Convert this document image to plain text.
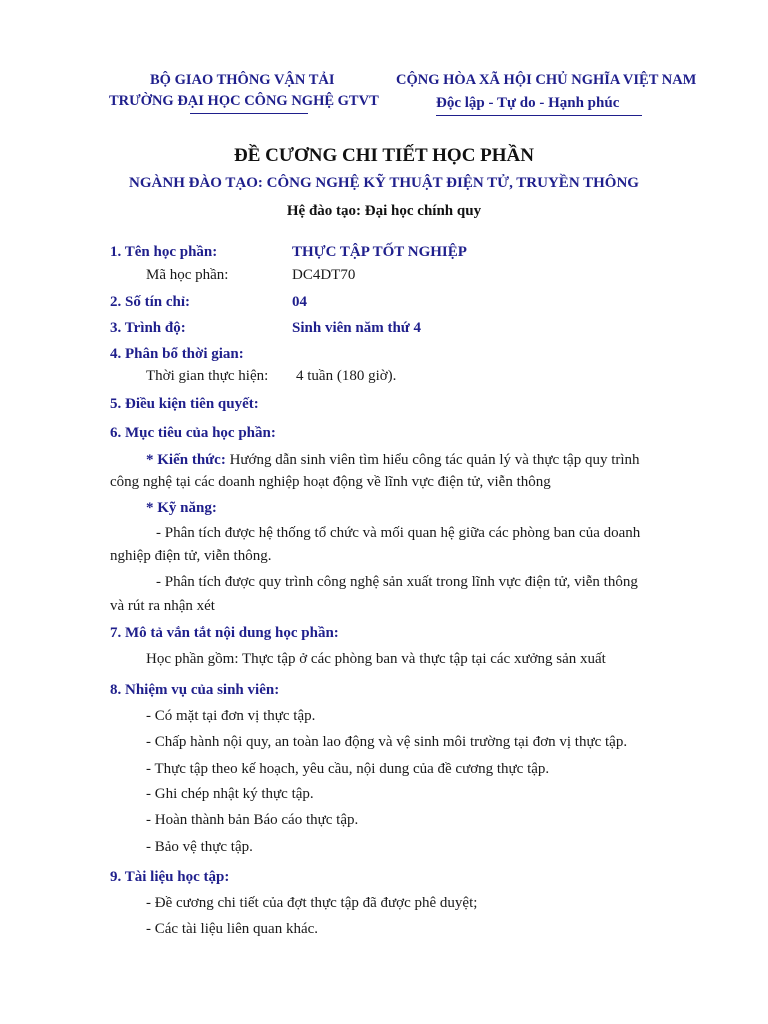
BỘ GIAO THÔNG VẬN TẢI
TRƯỜNG ĐẠI HỌC CÔNG NGHỆ GTVT
CỘNG HÒA XÃ HỘI CHỦ NGHĨA VIỆT NAM
Độc lập - Tự do - Hạnh phúc
ĐỀ CƯƠNG CHI TIẾT HỌC PHẦN
NGÀNH ĐÀO TẠO: CÔNG NGHỆ KỸ THUẬT ĐIỆN TỬ, TRUYỀN THÔNG
Hệ đào tạo: Đại học chính quy
1. Tên học phần:	THỰC TẬP TỐT NGHIỆP
Mã học phần:	DC4DT70
2. Số tín chỉ:	04
3. Trình độ:	Sinh viên năm thứ 4
4. Phân bổ thời gian:
Thời gian thực hiện: 4 tuần (180 giờ).
5. Điều kiện tiên quyết:
6. Mục tiêu của học phần:
* Kiến thức: Hướng dẫn sinh viên tìm hiểu công tác quản lý và thực tập quy trình
công nghệ tại các doanh nghiệp hoạt động về lĩnh vực điện tử, viễn thông
* Kỹ năng:
- Phân tích được hệ thống tổ chức và mối quan hệ giữa các phòng ban của doanh
nghiệp điện tử, viễn thông.
- Phân tích được quy trình công nghệ sản xuất trong lĩnh vực điện tử, viễn thông
và rút ra nhận xét
7. Mô tả vắn tắt nội dung học phần:
Học phần gồm: Thực tập ở các phòng ban và thực tập tại các xưởng sản xuất
8. Nhiệm vụ của sinh viên:
- Có mặt tại đơn vị thực tập.
- Chấp hành nội quy, an toàn lao động và vệ sinh môi trường tại đơn vị thực tập.
- Thực tập theo kế hoạch, yêu cầu, nội dung của đề cương thực tập.
- Ghi chép nhật ký thực tập.
- Hoàn thành bản Báo cáo thực tập.
- Bảo vệ thực tập.
9. Tài liệu học tập:
- Đề cương chi tiết của đợt thực tập đã được phê duyệt;
- Các tài liệu liên quan khác.
